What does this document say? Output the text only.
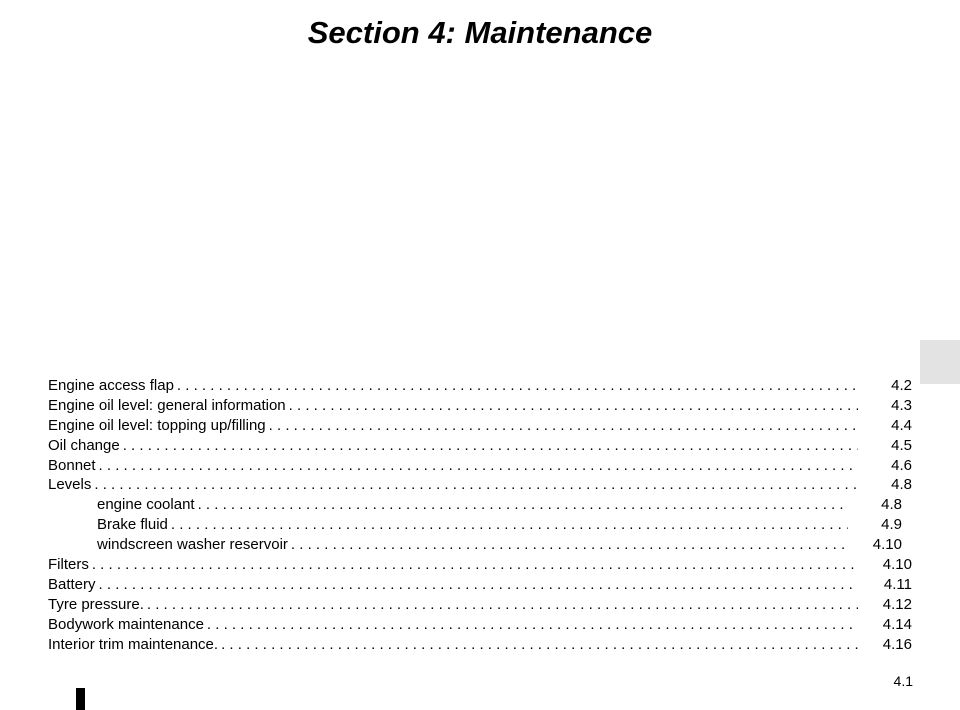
Section 4: Maintenance
Engine access flap . . .	4.2
Engine oil level: general information . . .	4.3
Engine oil level: topping up/filling . . .	4.4
Oil change . . .	4.5
Bonnet . . .	4.6
Levels . . .	4.8
engine coolant . . .	4.8
Brake fluid . . .	4.9
windscreen washer reservoir . . .	4.10
Filters . . .	4.10
Battery . . .	4.11
Tyre pressure. . . .	4.12
Bodywork maintenance . . .	4.14
Interior trim maintenance. . . .	4.16
4.1
